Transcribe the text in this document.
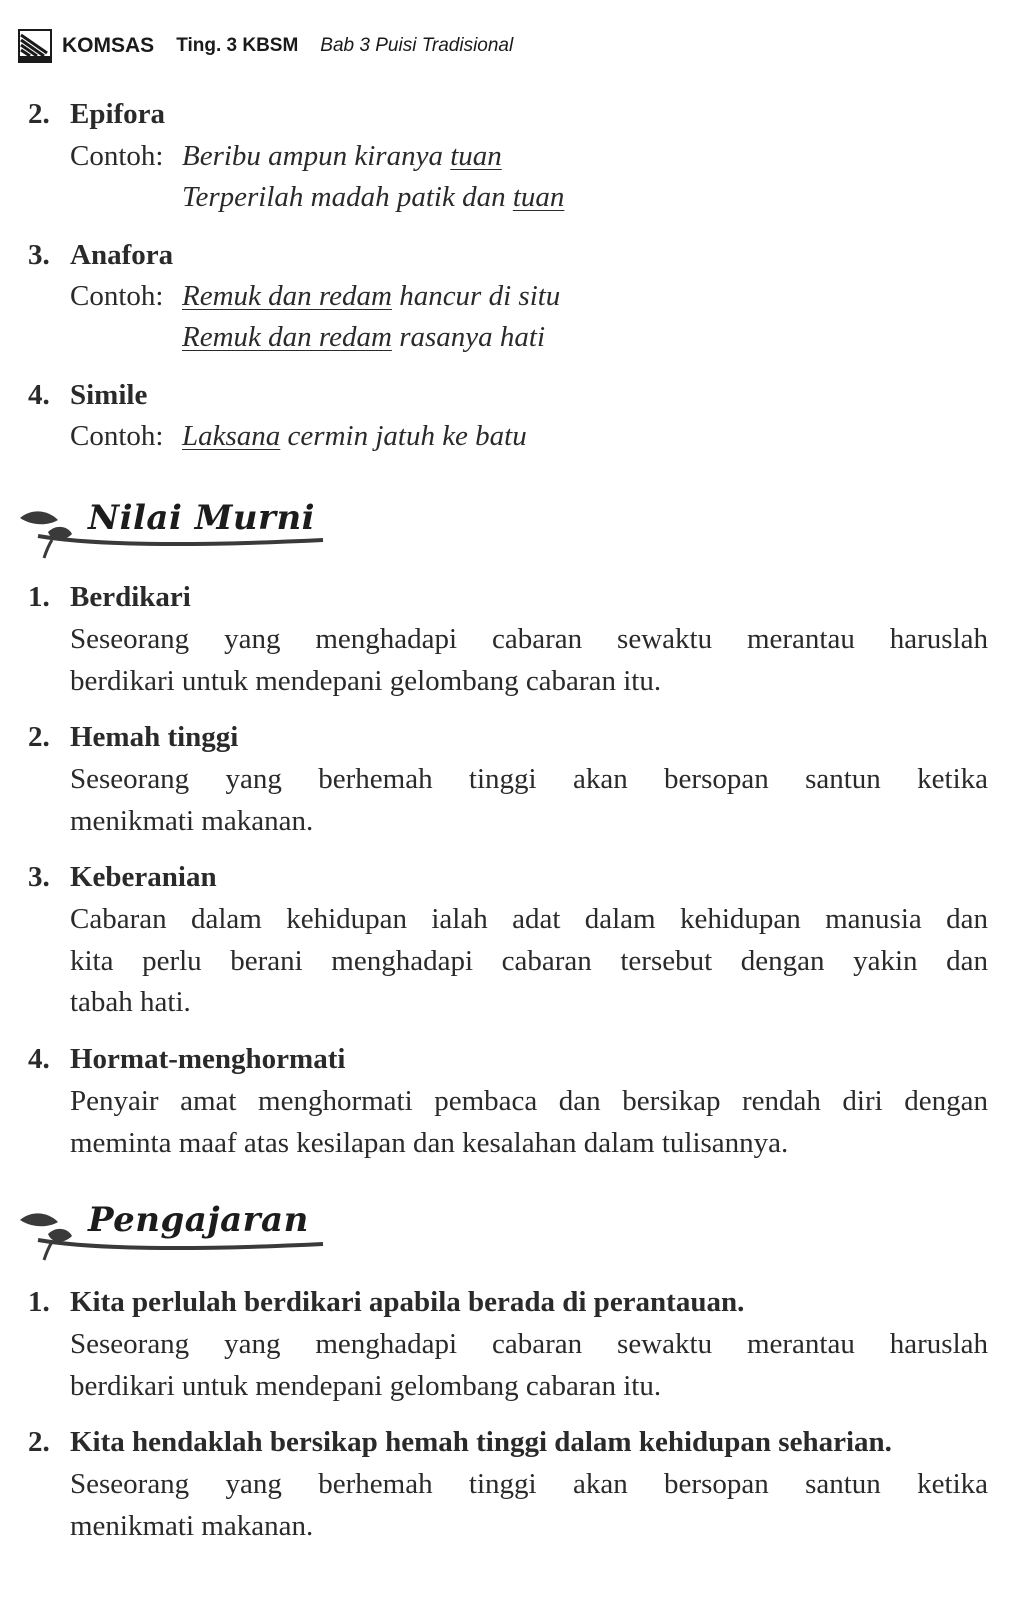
KOMSAS Ting. 3 KBSM Bab 3 Puisi Tradisional
2. Epifora
Contoh: Beribu ampun kiranya tuan
Terperilah madah patik dan tuan
3. Anafora
Contoh: Remuk dan redam hancur di situ
Remuk dan redam rasanya hati
4. Simile
Contoh: Laksana cermin jatuh ke batu
Nilai Murni
1. Berdikari
Seseorang yang menghadapi cabaran sewaktu merantau haruslah
berdikari untuk mendepani gelombang cabaran itu.
2. Hemah tinggi
Seseorang yang berhemah tinggi akan bersopan santun ketika
menikmati makanan.
3. Keberanian
Cabaran dalam kehidupan ialah adat dalam kehidupan manusia dan
kita perlu berani menghadapi cabaran tersebut dengan yakin dan
tabah hati.
4. Hormat-menghormati
Penyair amat menghormati pembaca dan bersikap rendah diri dengan
meminta maaf atas kesilapan dan kesalahan dalam tulisannya.
Pengajaran
1. Kita perlulah berdikari apabila berada di perantauan.
Seseorang yang menghadapi cabaran sewaktu merantau haruslah
berdikari untuk mendepani gelombang cabaran itu.
2. Kita hendaklah bersikap hemah tinggi dalam kehidupan seharian.
Seseorang yang berhemah tinggi akan bersopan santun ketika
menikmati makanan.
